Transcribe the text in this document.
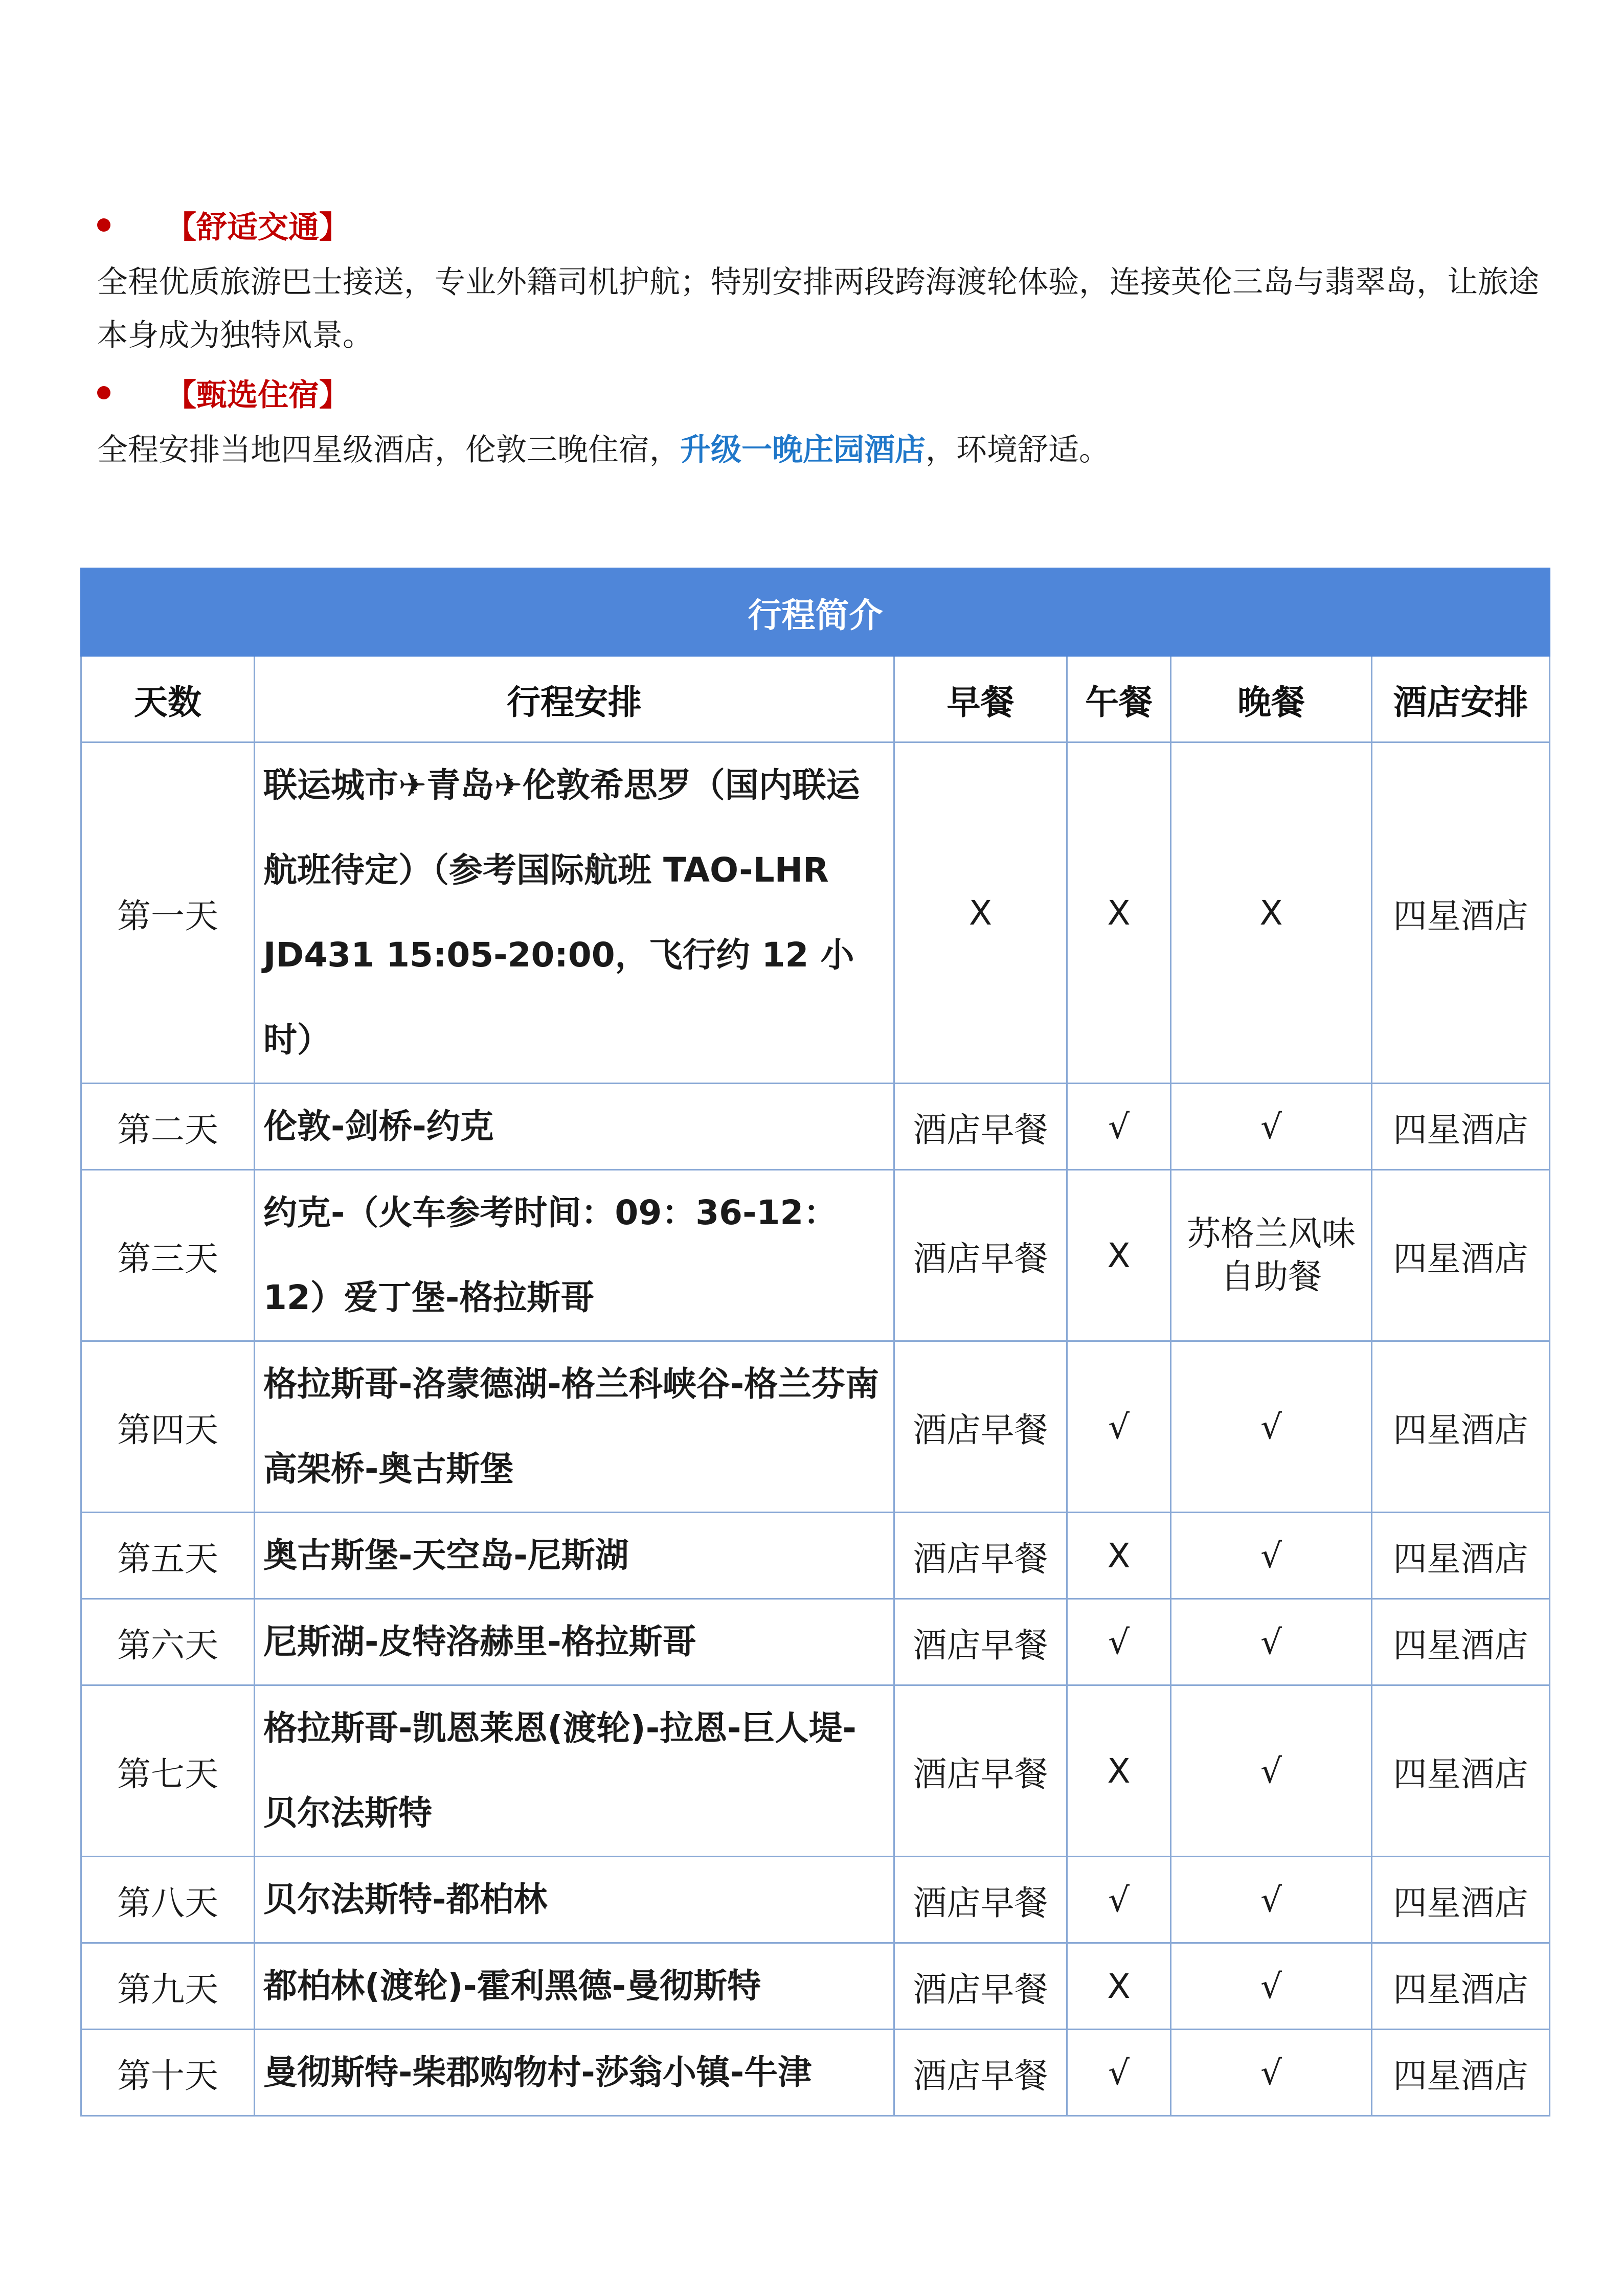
【舒适交通】

全程优质旅游巴士接送，专业外籍司机护航；特别安排两段跨海渡轮体验，连接英伦三岛与翡翠岛，让旅途本身成为独特风景。

【甄选住宿】

全程安排当地四星级酒店，伦敦三晚住宿，升级一晚庄园酒店，环境舒适。

行程简介					
天数	行程安排	早餐	午餐	晚餐	酒店安排
第一天	联运城市✈青岛✈伦敦希思罗（国内联运航班待定）（参考国际航班 TAO-LHR JD431 15:05-20:00，飞行约 12 小时）	X	X	X	四星酒店
第二天	伦敦-剑桥-约克	酒店早餐	√	√	四星酒店
第三天	约克-（火车参考时间：09：36-12：12）爱丁堡-格拉斯哥	酒店早餐	X	苏格兰风味自助餐	四星酒店
第四天	格拉斯哥-洛蒙德湖-格兰科峡谷-格兰芬南高架桥-奥古斯堡	酒店早餐	√	√	四星酒店
第五天	奥古斯堡-天空岛-尼斯湖	酒店早餐	X	√	四星酒店
第六天	尼斯湖-皮特洛赫里-格拉斯哥	酒店早餐	√	√	四星酒店
第七天	格拉斯哥-凯恩莱恩(渡轮)-拉恩-巨人堤-贝尔法斯特	酒店早餐	X	√	四星酒店
第八天	贝尔法斯特-都柏林	酒店早餐	√	√	四星酒店
第九天	都柏林(渡轮)-霍利黑德-曼彻斯特	酒店早餐	X	√	四星酒店
第十天	曼彻斯特-柴郡购物村-莎翁小镇-牛津	酒店早餐	√	√	四星酒店
